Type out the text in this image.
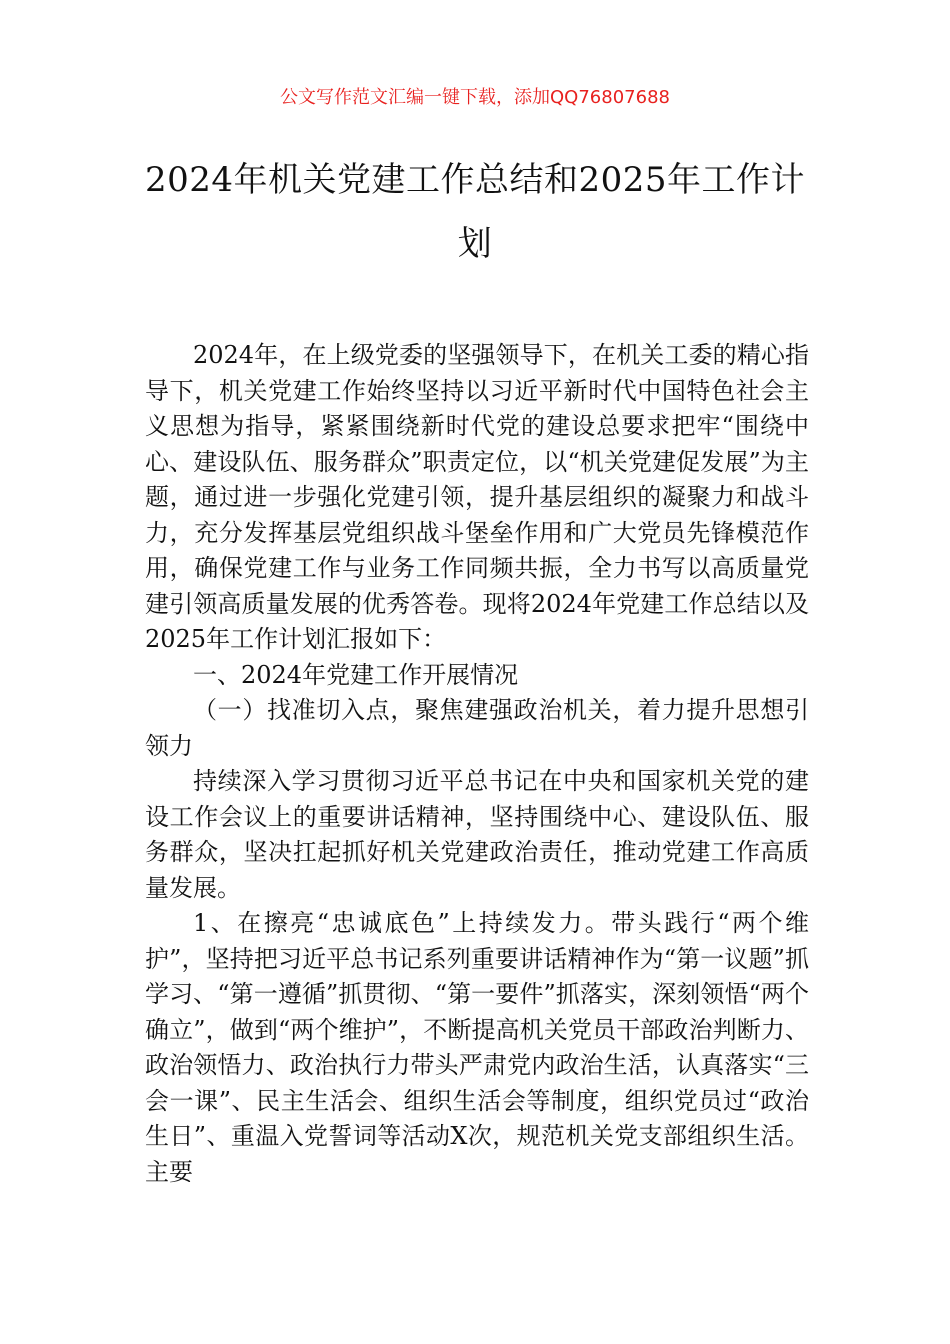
公文写作范文汇编一键下载，添加QQ76807688
2024年机关党建工作总结和2025年工作计划

2024年，在上级党委的坚强领导下，在机关工委的精心指导下，机关党建工作始终坚持以习近平新时代中国特色社会主义思想为指导，紧紧围绕新时代党的建设总要求把牢“围绕中心、建设队伍、服务群众”职责定位，以“机关党建促发展”为主题，通过进一步强化党建引领，提升基层组织的凝聚力和战斗力，充分发挥基层党组织战斗堡垒作用和广大党员先锋模范作用，确保党建工作与业务工作同频共振，全力书写以高质量党建引领高质量发展的优秀答卷。现将2024年党建工作总结以及2025年工作计划汇报如下：

一、2024年党建工作开展情况

（一）找准切入点，聚焦建强政治机关，着力提升思想引领力

持续深入学习贯彻习近平总书记在中央和国家机关党的建设工作会议上的重要讲话精神，坚持围绕中心、建设队伍、服务群众，坚决扛起抓好机关党建政治责任，推动党建工作高质量发展。

1、在擦亮“忠诚底色”上持续发力。带头践行“两个维护”，坚持把习近平总书记系列重要讲话精神作为“第一议题”抓学习、“第一遵循”抓贯彻、“第一要件”抓落实，深刻领悟“两个确立”，做到“两个维护”，不断提高机关党员干部政治判断力、政治领悟力、政治执行力带头严肃党内政治生活，认真落实“三会一课”、民主生活会、组织生活会等制度，组织党员过“政治生日”、重温入党誓词等活动X次，规范机关党支部组织生活。主要
